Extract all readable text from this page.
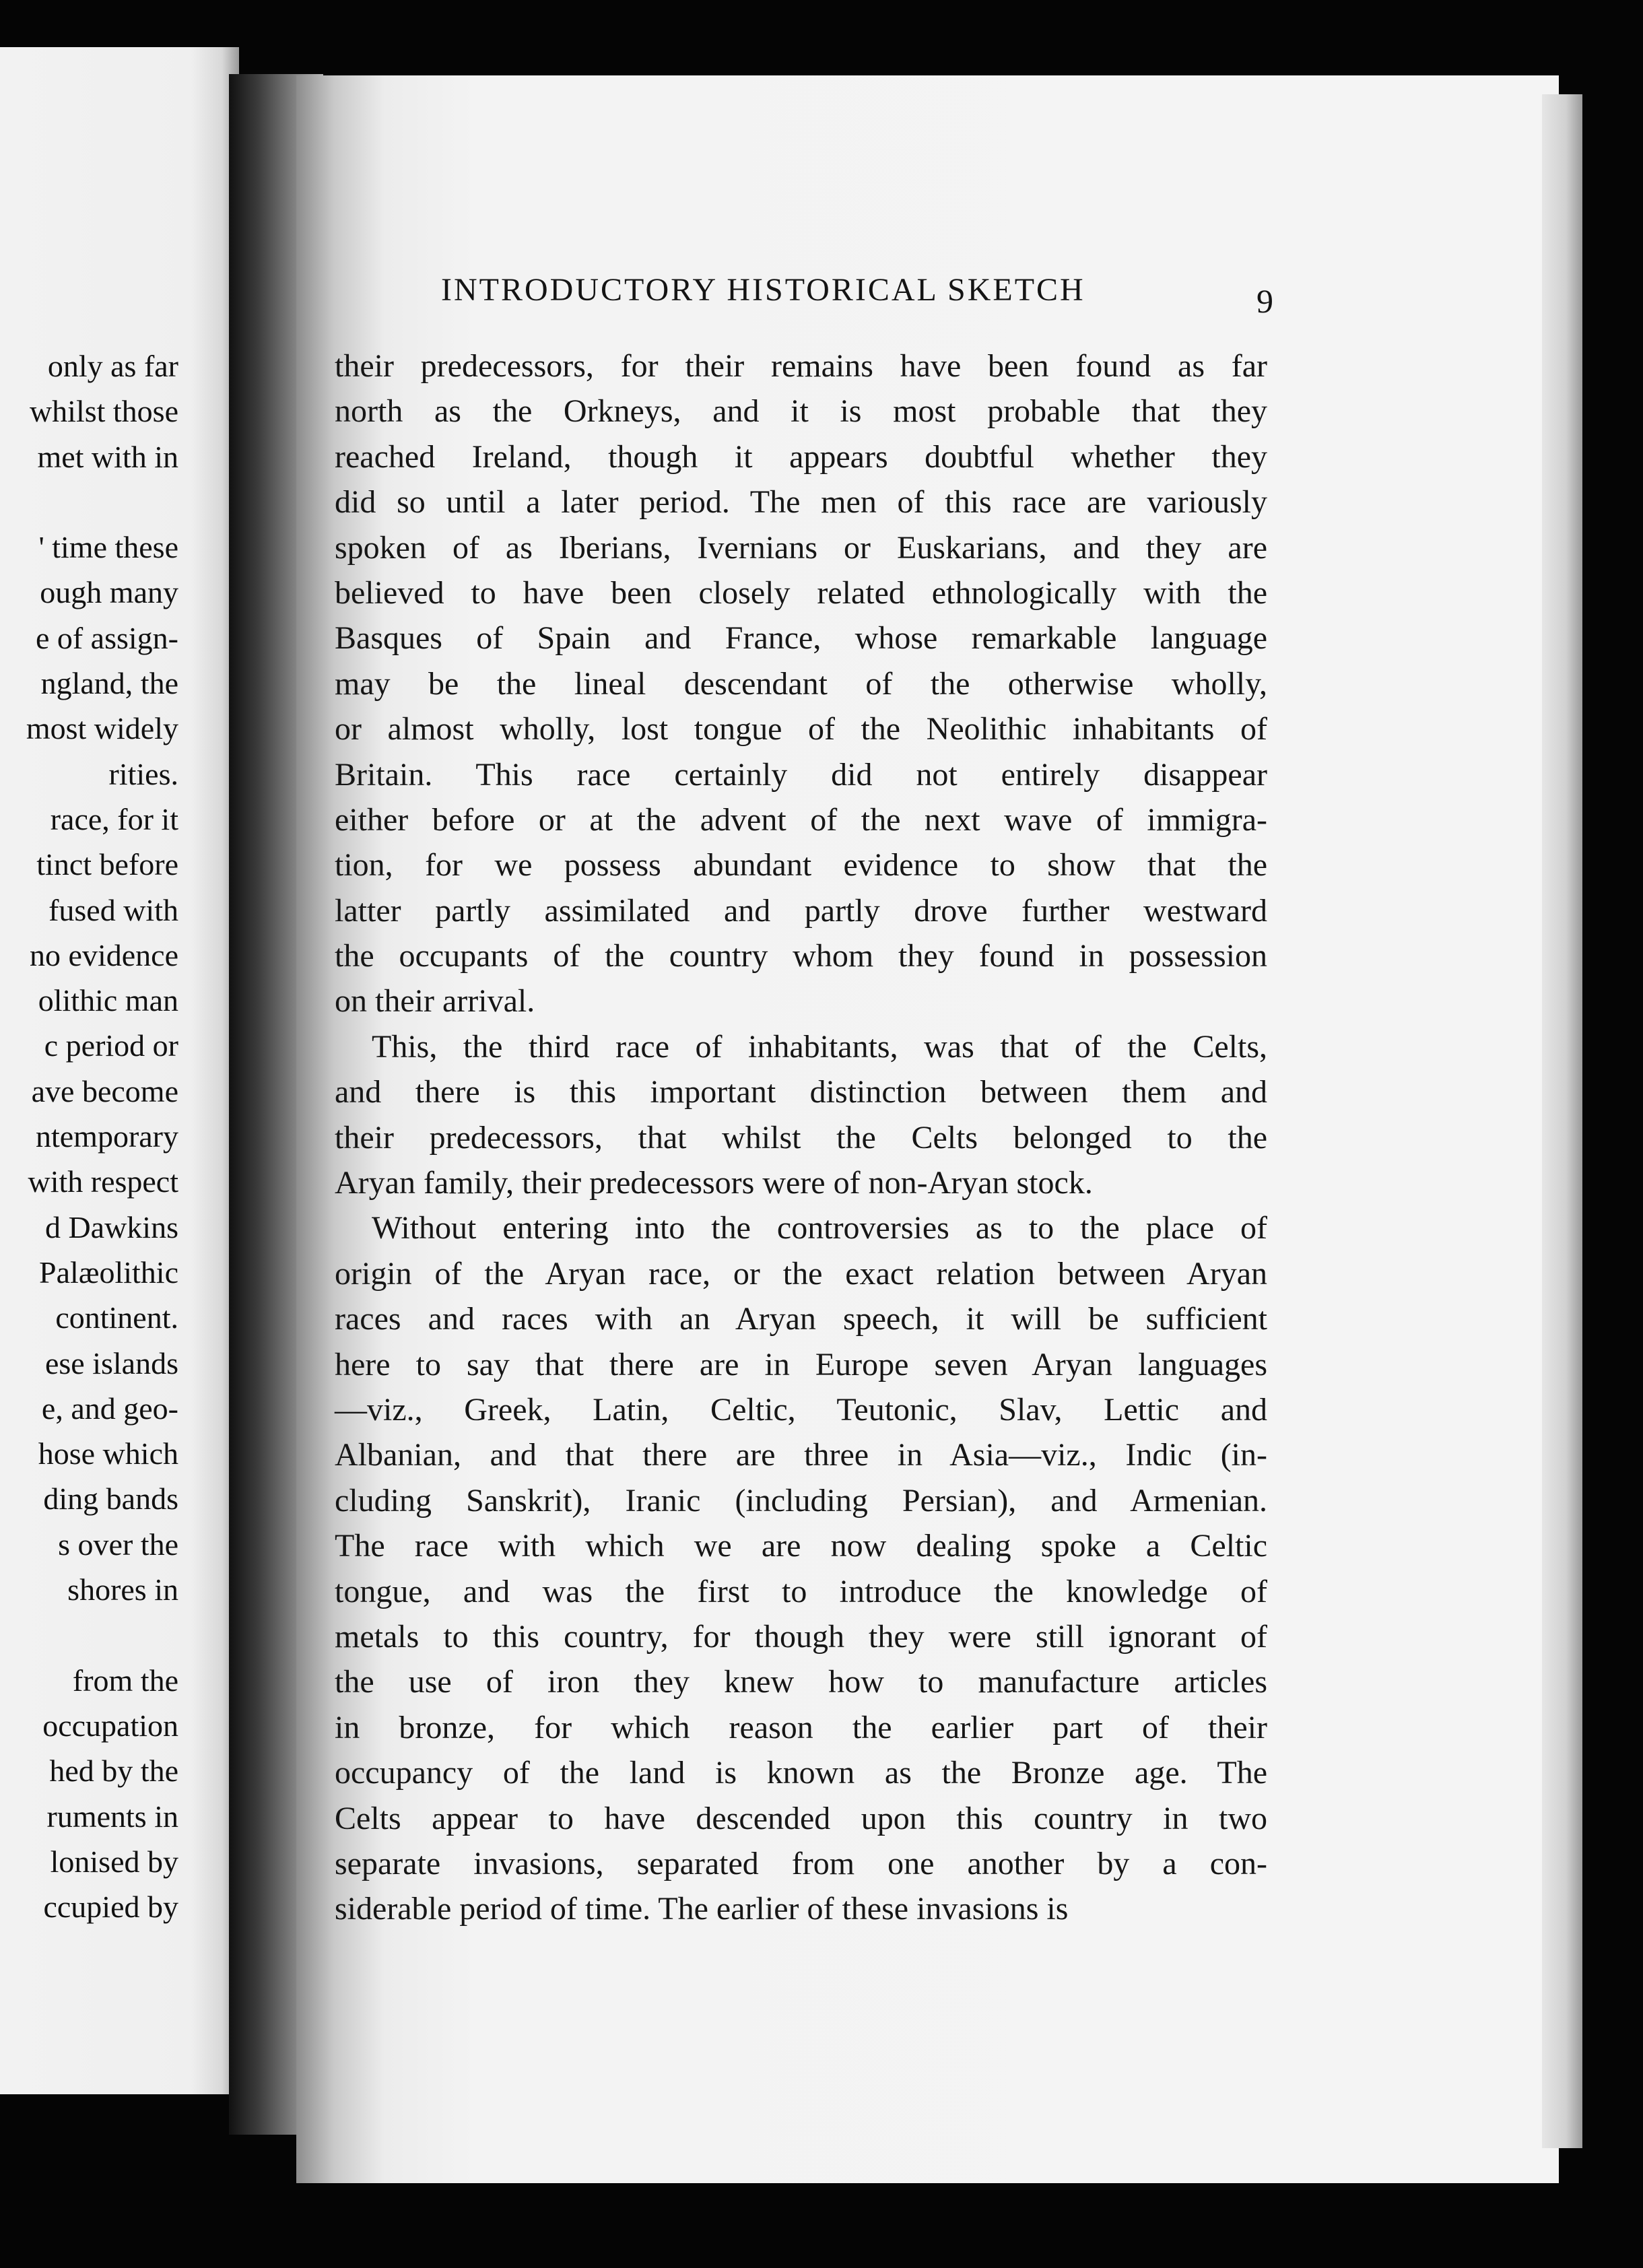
only as far
whilst those
met with in
' time these
ough many
e of assign-
ngland, the
most widely
rities.
race, for it
tinct before
fused with
no evidence
olithic man
c period or
ave become
ntemporary
with respect
d Dawkins
Palæolithic
continent.
ese islands
e, and geo-
hose which
ding bands
s over the
shores in
from the
occupation
hed by the
ruments in
lonised by
ccupied by
INTRODUCTORY HISTORICAL SKETCH	9
their predecessors, for their remains have been found as far
north as the Orkneys, and it is most probable that they
reached Ireland, though it appears doubtful whether they
did so until a later period. The men of this race are variously
spoken of as Iberians, Ivernians or Euskarians, and they are
believed to have been closely related ethnologically with the
Basques of Spain and France, whose remarkable language
may be the lineal descendant of the otherwise wholly,
or almost wholly, lost tongue of the Neolithic inhabitants of
Britain. This race certainly did not entirely disappear
either before or at the advent of the next wave of immigra-
tion, for we possess abundant evidence to show that the
latter partly assimilated and partly drove further westward
the occupants of the country whom they found in possession
on their arrival.
This, the third race of inhabitants, was that of the Celts,
and there is this important distinction between them and
their predecessors, that whilst the Celts belonged to the
Aryan family, their predecessors were of non-Aryan stock.
Without entering into the controversies as to the place of
origin of the Aryan race, or the exact relation between Aryan
races and races with an Aryan speech, it will be sufficient
here to say that there are in Europe seven Aryan languages
—viz., Greek, Latin, Celtic, Teutonic, Slav, Lettic and
Albanian, and that there are three in Asia—viz., Indic (in-
cluding Sanskrit), Iranic (including Persian), and Armenian.
The race with which we are now dealing spoke a Celtic
tongue, and was the first to introduce the knowledge of
metals to this country, for though they were still ignorant of
the use of iron they knew how to manufacture articles
in bronze, for which reason the earlier part of their
occupancy of the land is known as the Bronze age. The
Celts appear to have descended upon this country in two
separate invasions, separated from one another by a con-
siderable period of time. The earlier of these invasions is
